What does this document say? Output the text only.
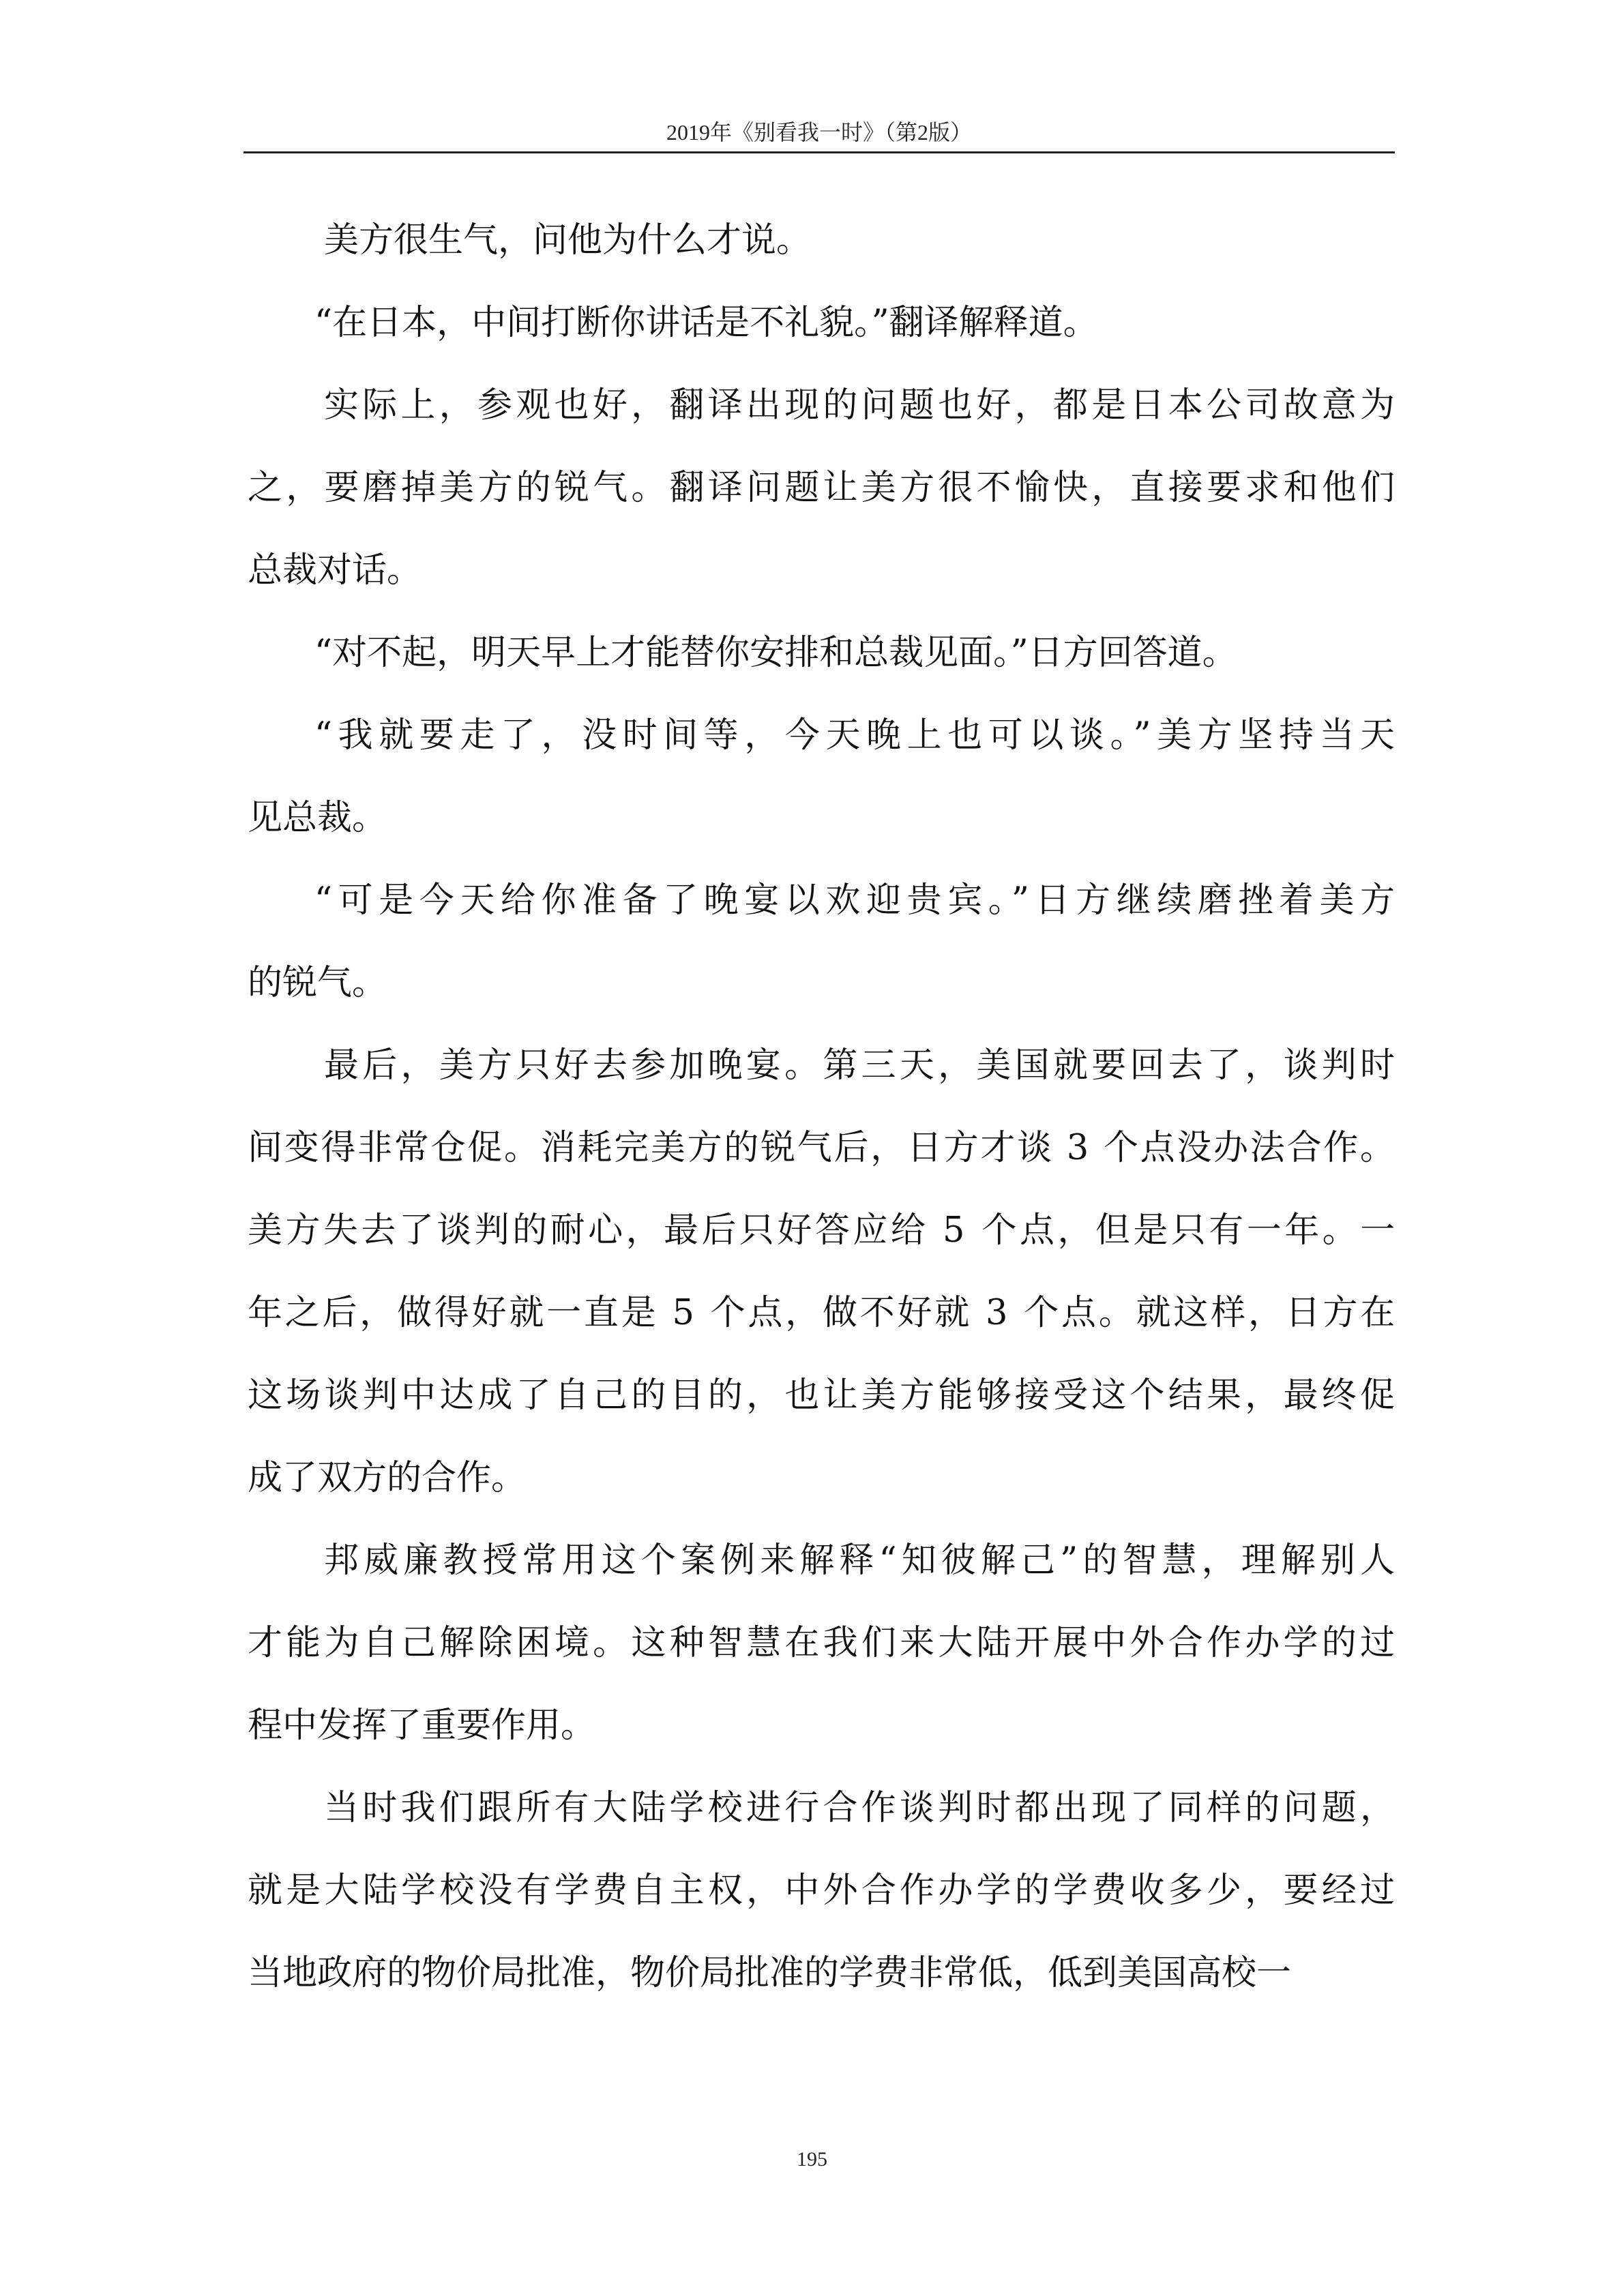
2019年《别看我一时》（第2版）
美方很生气，问他为什么才说。
“在日本，中间打断你讲话是不礼貌。”翻译解释道。
实际上，参观也好，翻译出现的问题也好，都是日本公司故意为
之，要磨掉美方的锐气。翻译问题让美方很不愉快，直接要求和他们
总裁对话。
“对不起，明天早上才能替你安排和总裁见面。”日方回答道。
“我就要走了，没时间等，今天晚上也可以谈。”美方坚持当天
见总裁。
“可是今天给你准备了晚宴以欢迎贵宾。”日方继续磨挫着美方
的锐气。
最后，美方只好去参加晚宴。第三天，美国就要回去了，谈判时
间变得非常仓促。消耗完美方的锐气后，日方才谈 3 个点没办法合作。
美方失去了谈判的耐心，最后只好答应给 5 个点，但是只有一年。一
年之后，做得好就一直是 5 个点，做不好就 3 个点。就这样，日方在
这场谈判中达成了自己的目的，也让美方能够接受这个结果，最终促
成了双方的合作。
邦威廉教授常用这个案例来解释“知彼解己”的智慧，理解别人
才能为自己解除困境。这种智慧在我们来大陆开展中外合作办学的过
程中发挥了重要作用。
当时我们跟所有大陆学校进行合作谈判时都出现了同样的问题，
就是大陆学校没有学费自主权，中外合作办学的学费收多少，要经过
当地政府的物价局批准，物价局批准的学费非常低，低到美国高校一
195
